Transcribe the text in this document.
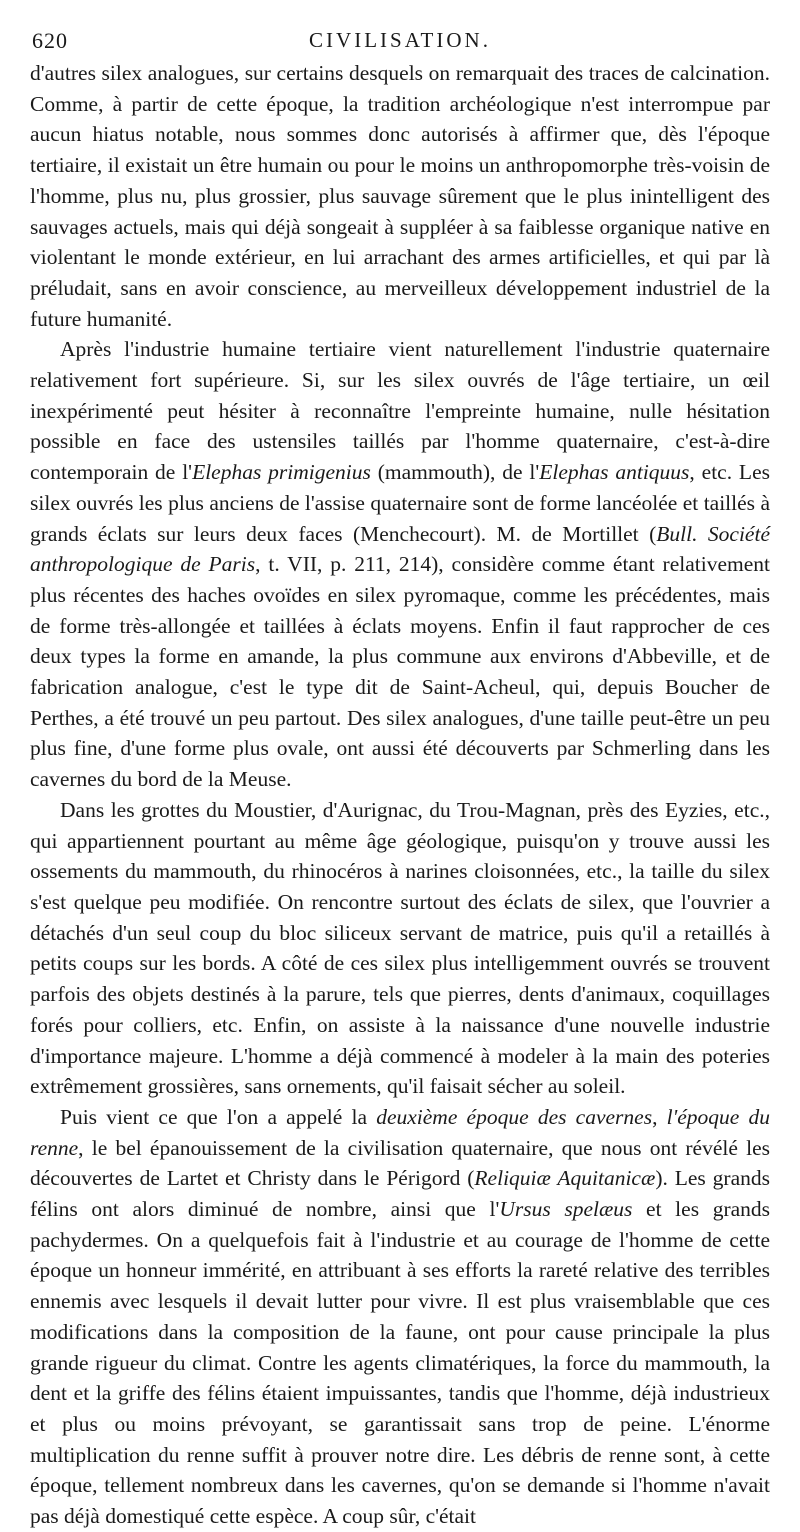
620	CIVILISATION.

d'autres silex analogues, sur certains desquels on remarquait des traces de calcination. Comme, à partir de cette époque, la tradition archéologique n'est interrompue par aucun hiatus notable, nous sommes donc autorisés à affirmer que, dès l'époque tertiaire, il existait un être humain ou pour le moins un anthropomorphe très-voisin de l'homme, plus nu, plus grossier, plus sauvage sûrement que le plus inintelligent des sauvages actuels, mais qui déjà songeait à suppléer à sa faiblesse organique native en violentant le monde extérieur, en lui arrachant des armes artificielles, et qui par là préludait, sans en avoir conscience, au merveilleux développement industriel de la future humanité.

Après l'industrie humaine tertiaire vient naturellement l'industrie quaternaire relativement fort supérieure. Si, sur les silex ouvrés de l'âge tertiaire, un œil inexpérimenté peut hésiter à reconnaître l'empreinte humaine, nulle hésitation possible en face des ustensiles taillés par l'homme quaternaire, c'est-à-dire contemporain de l'Elephas primigenius (mammouth), de l'Elephas antiquus, etc. Les silex ouvrés les plus anciens de l'assise quaternaire sont de forme lancéolée et taillés à grands éclats sur leurs deux faces (Menchecourt). M. de Mortillet (Bull. Société anthropologique de Paris, t. VII, p. 211, 214), considère comme étant relativement plus récentes des haches ovoïdes en silex pyromaque, comme les précédentes, mais de forme très-allongée et taillées à éclats moyens. Enfin il faut rapprocher de ces deux types la forme en amande, la plus commune aux environs d'Abbeville, et de fabrication analogue, c'est le type dit de Saint-Acheul, qui, depuis Boucher de Perthes, a été trouvé un peu partout. Des silex analogues, d'une taille peut-être un peu plus fine, d'une forme plus ovale, ont aussi été découverts par Schmerling dans les cavernes du bord de la Meuse.

Dans les grottes du Moustier, d'Aurignac, du Trou-Magnan, près des Eyzies, etc., qui appartiennent pourtant au même âge géologique, puisqu'on y trouve aussi les ossements du mammouth, du rhinocéros à narines cloisonnées, etc., la taille du silex s'est quelque peu modifiée. On rencontre surtout des éclats de silex, que l'ouvrier a détachés d'un seul coup du bloc siliceux servant de matrice, puis qu'il a retaillés à petits coups sur les bords. A côté de ces silex plus intelligemment ouvrés se trouvent parfois des objets destinés à la parure, tels que pierres, dents d'animaux, coquillages forés pour colliers, etc. Enfin, on assiste à la naissance d'une nouvelle industrie d'importance majeure. L'homme a déjà commencé à modeler à la main des poteries extrêmement grossières, sans ornements, qu'il faisait sécher au soleil.

Puis vient ce que l'on a appelé la deuxième époque des cavernes, l'époque du renne, le bel épanouissement de la civilisation quaternaire, que nous ont révélé les découvertes de Lartet et Christy dans le Périgord (Reliquiæ Aquitanicæ). Les grands félins ont alors diminué de nombre, ainsi que l'Ursus spelæus et les grands pachydermes. On a quelquefois fait à l'industrie et au courage de l'homme de cette époque un honneur immérité, en attribuant à ses efforts la rareté relative des terribles ennemis avec lesquels il devait lutter pour vivre. Il est plus vraisemblable que ces modifications dans la composition de la faune, ont pour cause principale la plus grande rigueur du climat. Contre les agents climatériques, la force du mammouth, la dent et la griffe des félins étaient impuissantes, tandis que l'homme, déjà industrieux et plus ou moins prévoyant, se garantissait sans trop de peine. L'énorme multiplication du renne suffit à prouver notre dire. Les débris de renne sont, à cette époque, tellement nombreux dans les cavernes, qu'on se demande si l'homme n'avait pas déjà domestiqué cette espèce. A coup sûr, c'était
